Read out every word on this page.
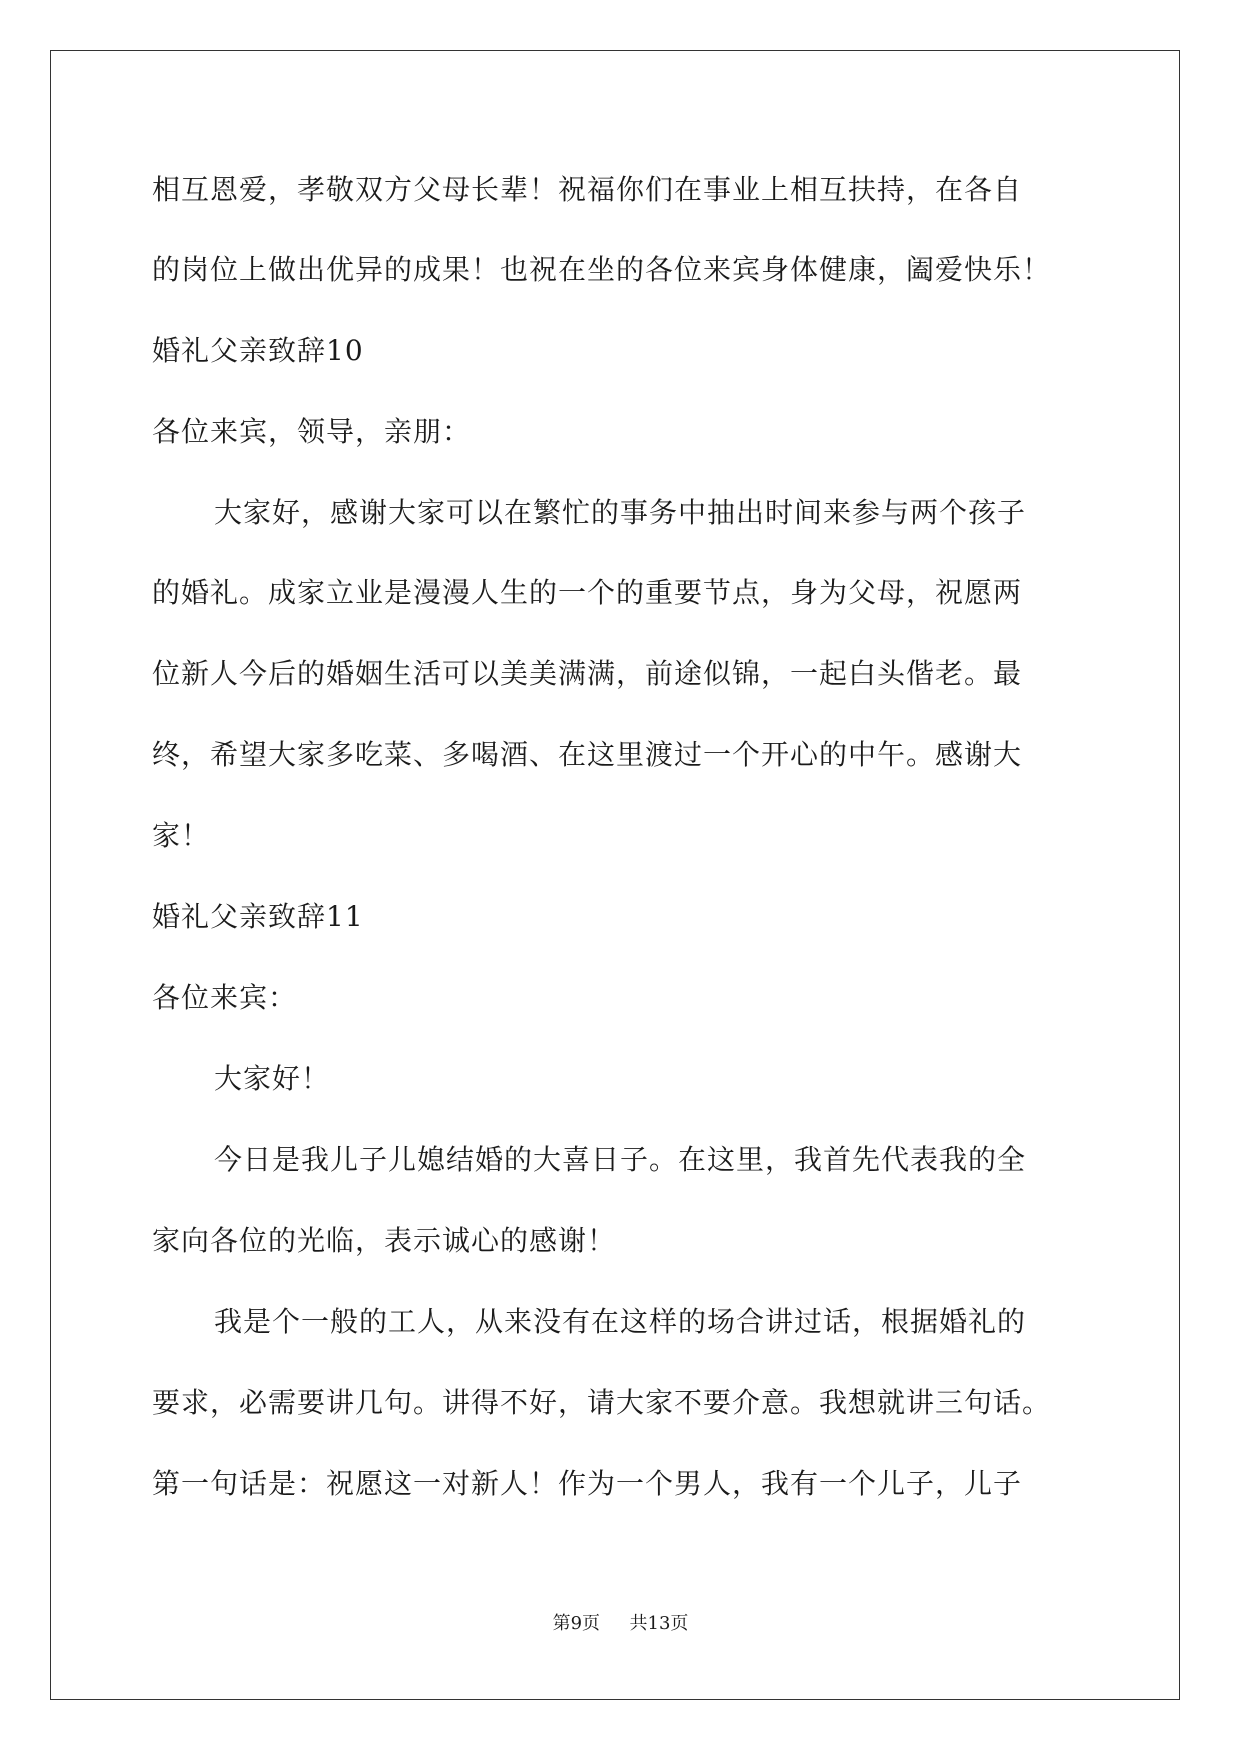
相互恩爱，孝敬双方父母长辈！祝福你们在事业上相互扶持，在各自
的岗位上做出优异的成果！也祝在坐的各位来宾身体健康，阖爱快乐！
婚礼父亲致辞10
各位来宾，领导，亲朋：
大家好，感谢大家可以在繁忙的事务中抽出时间来参与两个孩子
的婚礼。成家立业是漫漫人生的一个的重要节点，身为父母，祝愿两
位新人今后的婚姻生活可以美美满满，前途似锦，一起白头偕老。最
终，希望大家多吃菜、多喝酒、在这里渡过一个开心的中午。感谢大
家！
婚礼父亲致辞11
各位来宾：
大家好！
今日是我儿子儿媳结婚的大喜日子。在这里，我首先代表我的全
家向各位的光临，表示诚心的感谢！
我是个一般的工人，从来没有在这样的场合讲过话，根据婚礼的
要求，必需要讲几句。讲得不好，请大家不要介意。我想就讲三句话。
第一句话是：祝愿这一对新人！作为一个男人，我有一个儿子，儿子
第9页 共13页
